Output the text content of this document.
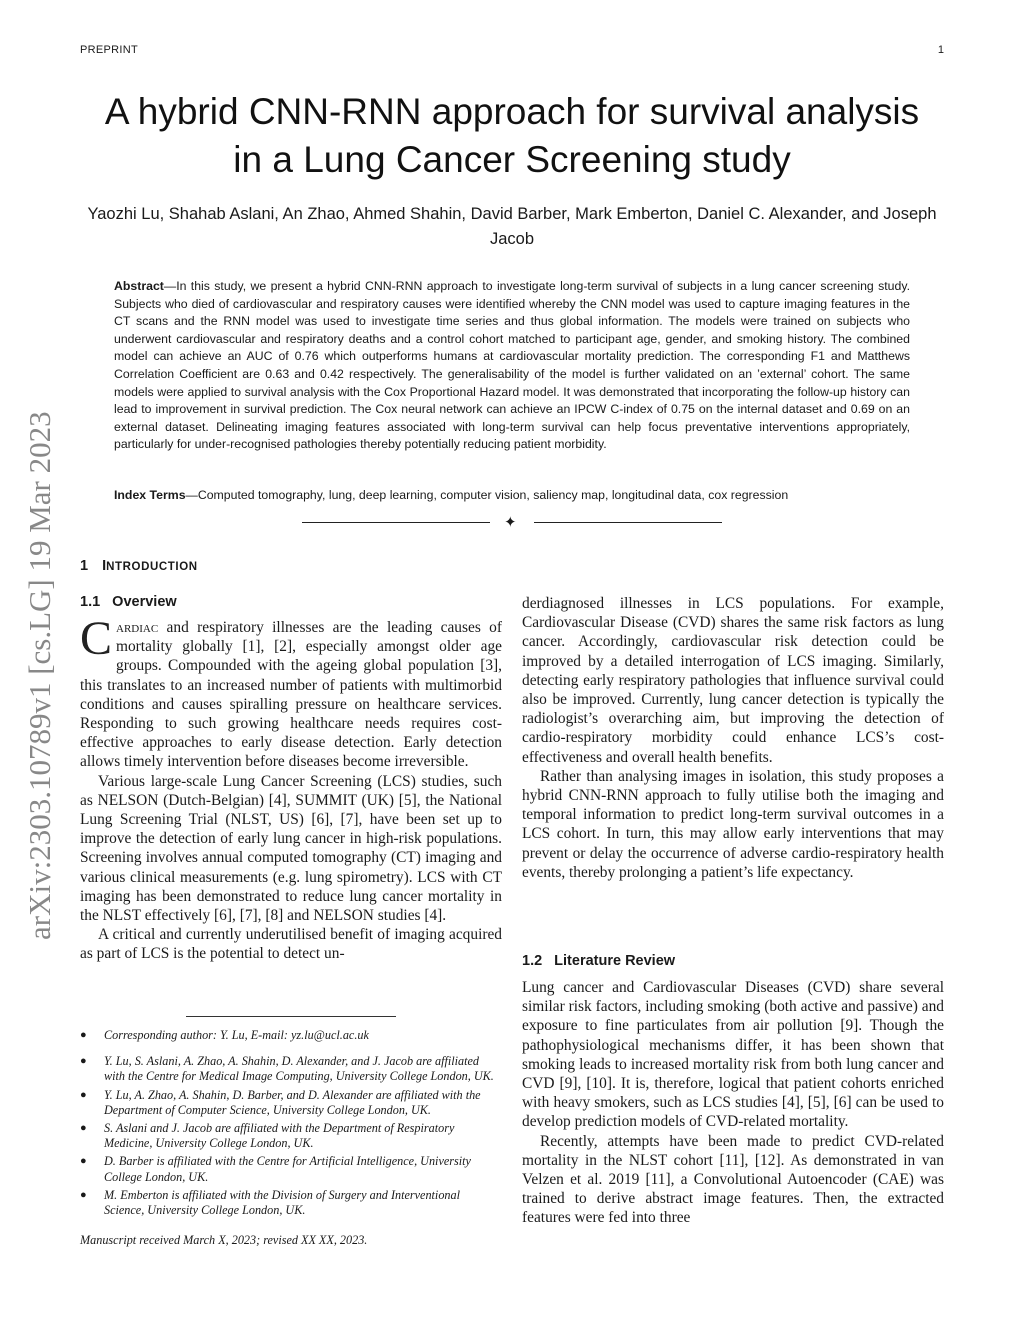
PREPRINT	1
arXiv:2303.10789v1 [cs.LG] 19 Mar 2023
A hybrid CNN-RNN approach for survival analysis in a Lung Cancer Screening study
Yaozhi Lu, Shahab Aslani, An Zhao, Ahmed Shahin, David Barber, Mark Emberton, Daniel C. Alexander, and Joseph Jacob
Abstract—In this study, we present a hybrid CNN-RNN approach to investigate long-term survival of subjects in a lung cancer screening study. Subjects who died of cardiovascular and respiratory causes were identified whereby the CNN model was used to capture imaging features in the CT scans and the RNN model was used to investigate time series and thus global information. The models were trained on subjects who underwent cardiovascular and respiratory deaths and a control cohort matched to participant age, gender, and smoking history. The combined model can achieve an AUC of 0.76 which outperforms humans at cardiovascular mortality prediction. The corresponding F1 and Matthews Correlation Coefficient are 0.63 and 0.42 respectively. The generalisability of the model is further validated on an ’external’ cohort. The same models were applied to survival analysis with the Cox Proportional Hazard model. It was demonstrated that incorporating the follow-up history can lead to improvement in survival prediction. The Cox neural network can achieve an IPCW C-index of 0.75 on the internal dataset and 0.69 on an external dataset. Delineating imaging features associated with long-term survival can help focus preventative interventions appropriately, particularly for under-recognised pathologies thereby potentially reducing patient morbidity.
Index Terms—Computed tomography, lung, deep learning, computer vision, saliency map, longitudinal data, cox regression
✦
1 INTRODUCTION
1.1 Overview

Cardiac and respiratory illnesses are the leading causes of mortality globally [1], [2], especially amongst older age groups. Compounded with the ageing global population [3], this translates to an increased number of patients with multimorbid conditions and causes spiralling pressure on healthcare services. Responding to such growing healthcare needs requires cost-effective approaches to early disease detection. Early detection allows timely intervention before diseases become irreversible.

Various large-scale Lung Cancer Screening (LCS) studies, such as NELSON (Dutch-Belgian) [4], SUMMIT (UK) [5], the National Lung Screening Trial (NLST, US) [6], [7], have been set up to improve the detection of early lung cancer in high-risk populations. Screening involves annual computed tomography (CT) imaging and various clinical measurements (e.g. lung spirometry). LCS with CT imaging has been demonstrated to reduce lung cancer mortality in the NLST effectively [6], [7], [8] and NELSON studies [4].

A critical and currently underutilised benefit of imaging acquired as part of LCS is the potential to detect un-

derdiagnosed illnesses in LCS populations. For example, Cardiovascular Disease (CVD) shares the same risk factors as lung cancer. Accordingly, cardiovascular risk detection could be improved by a detailed interrogation of LCS imaging. Similarly, detecting early respiratory pathologies that influence survival could also be improved. Currently, lung cancer detection is typically the radiologist’s overarching aim, but improving the detection of cardio-respiratory morbidity could enhance LCS’s cost-effectiveness and overall health benefits.

Rather than analysing images in isolation, this study proposes a hybrid CNN-RNN approach to fully utilise both the imaging and temporal information to predict long-term survival outcomes in a LCS cohort. In turn, this may allow early interventions that may prevent or delay the occurrence of adverse cardio-respiratory health events, thereby prolonging a patient’s life expectancy.

1.2 Literature Review

Lung cancer and Cardiovascular Diseases (CVD) share several similar risk factors, including smoking (both active and passive) and exposure to fine particulates from air pollution [9]. Though the pathophysiological mechanisms differ, it has been shown that smoking leads to increased mortality risk from both lung cancer and CVD [9], [10]. It is, therefore, logical that patient cohorts enriched with heavy smokers, such as LCS studies [4], [5], [6] can be used to develop prediction models of CVD-related mortality.

Recently, attempts have been made to predict CVD-related mortality in the NLST cohort [11], [12]. As demonstrated in van Velzen et al. 2019 [11], a Convolutional Autoencoder (CAE) was trained to derive abstract image features. Then, the extracted features were fed into three

● Corresponding author: Y. Lu, E-mail: yz.lu@ucl.ac.uk
● Y. Lu, S. Aslani, A. Zhao, A. Shahin, D. Alexander, and J. Jacob are affiliated with the Centre for Medical Image Computing, University College London, UK.
● Y. Lu, A. Zhao, A. Shahin, D. Barber, and D. Alexander are affiliated with the Department of Computer Science, University College London, UK.
● S. Aslani and J. Jacob are affiliated with the Department of Respiratory Medicine, University College London, UK.
● D. Barber is affiliated with the Centre for Artificial Intelligence, University College London, UK.
● M. Emberton is affiliated with the Division of Surgery and Interventional Science, University College London, UK.
Manuscript received March X, 2023; revised XX XX, 2023.
